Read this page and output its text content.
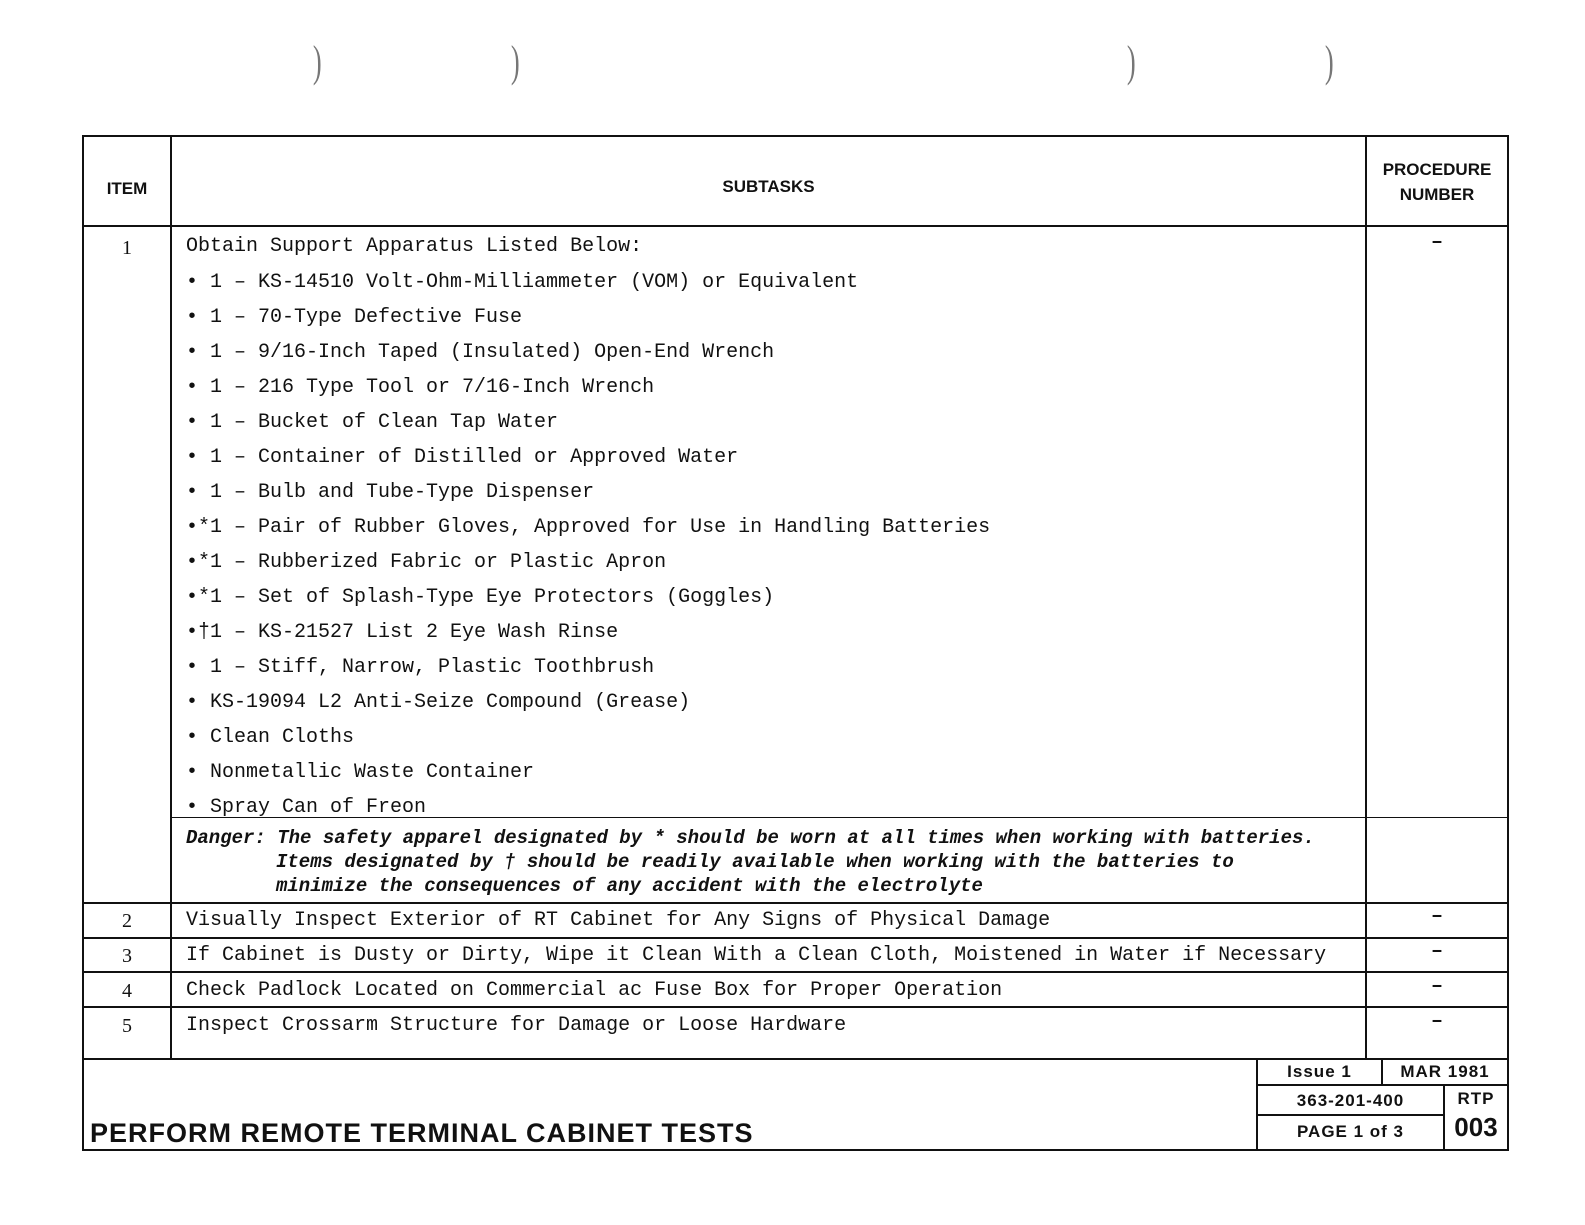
)	)	)	)
ITEM	SUBTASKS
PROCEDURE
NUMBER
1	Obtain Support Apparatus Listed Below:	–
• 1 – KS-14510 Volt-Ohm-Milliammeter (VOM) or Equivalent
• 1 – 70-Type Defective Fuse
• 1 – 9/16-Inch Taped (Insulated) Open-End Wrench
• 1 – 216 Type Tool or 7/16-Inch Wrench
• 1 – Bucket of Clean Tap Water
• 1 – Container of Distilled or Approved Water
• 1 – Bulb and Tube-Type Dispenser
•*1 – Pair of Rubber Gloves, Approved for Use in Handling Batteries
•*1 – Rubberized Fabric or Plastic Apron
•*1 – Set of Splash-Type Eye Protectors (Goggles)
•†1 – KS-21527 List 2 Eye Wash Rinse
• 1 – Stiff, Narrow, Plastic Toothbrush
• KS-19094 L2 Anti-Seize Compound (Grease)
• Clean Cloths
• Nonmetallic Waste Container
• Spray Can of Freon
Danger: The safety apparel designated by * should be worn at all times when working with batteries.
Items designated by † should be readily available when working with the batteries to
minimize the consequences of any accident with the electrolyte
2	Visually Inspect Exterior of RT Cabinet for Any Signs of Physical Damage	–
3	If Cabinet is Dusty or Dirty, Wipe it Clean With a Clean Cloth, Moistened in Water if Necessary	–
4	Check Padlock Located on Commercial ac Fuse Box for Proper Operation	–
5	Inspect Crossarm Structure for Damage or Loose Hardware	–
PERFORM REMOTE TERMINAL CABINET TESTS
Issue 1	MAR 1981
363-201-400	RTP
PAGE 1 of 3	003
